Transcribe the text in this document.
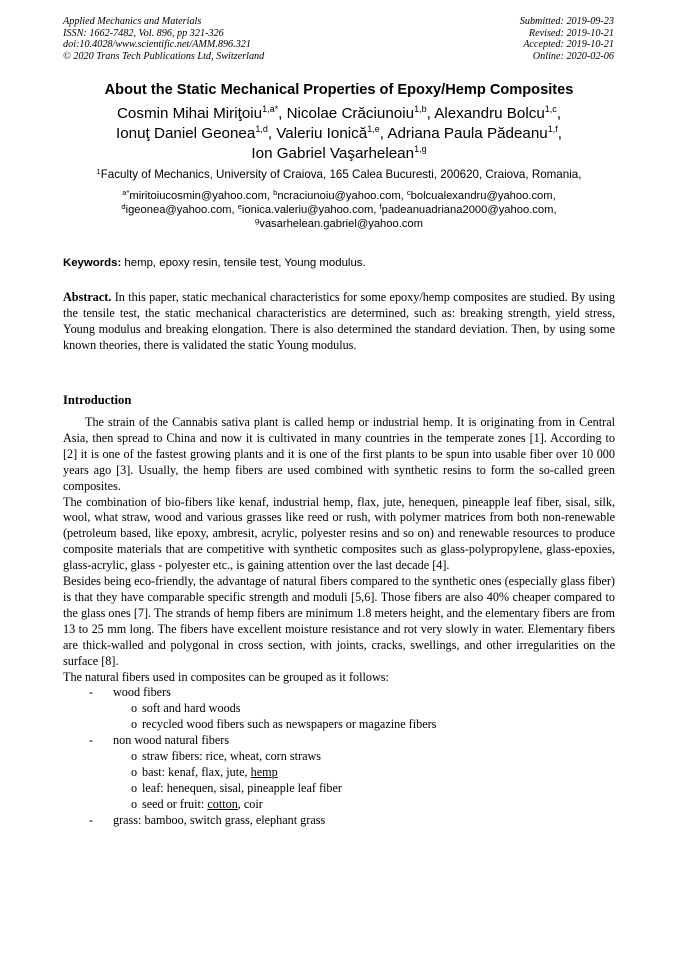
Applied Mechanics and Materials
ISSN: 1662-7482, Vol. 896, pp 321-326
doi:10.4028/www.scientific.net/AMM.896.321
© 2020 Trans Tech Publications Ltd, Switzerland
Submitted: 2019-09-23
Revised: 2019-10-21
Accepted: 2019-10-21
Online: 2020-02-06
About the Static Mechanical Properties of Epoxy/Hemp Composites
Cosmin Mihai Miriţoiu$^{1,a*}$, Nicolae Crăciunoiu$^{1,b}$, Alexandru Bolcu$^{1,c}$,
Ionuţ Daniel Geonea$^{1,d}$, Valeriu Ionică$^{1,e}$, Adriana Paula Pădeanu$^{1,f}$,
Ion Gabriel Vaşarhelean$^{1,g}$
$^1$Faculty of Mechanics, University of Craiova, 165 Calea Bucuresti, 200620, Craiova, Romania,
$^{a*}$miritoiucosmin@yahoo.com, $^b$ncraciunoiu@yahoo.com, $^c$bolcualexandru@yahoo.com,
$^d$igeonea@yahoo.com, $^e$ionica.valeriu@yahoo.com, $^f$padeanuadriana2000@yahoo.com,
$^g$vasarhelean.gabriel@yahoo.com
Keywords: hemp, epoxy resin, tensile test, Young modulus.
Abstract. In this paper, static mechanical characteristics for some epoxy/hemp composites are studied. By using the tensile test, the static mechanical characteristics are determined, such as: breaking strength, yield stress, Young modulus and breaking elongation. There is also determined the standard deviation. Then, by using some known theories, there is validated the static Young modulus.
Introduction

The strain of the Cannabis sativa plant is called hemp or industrial hemp. It is originating from in Central Asia, then spread to China and now it is cultivated in many countries in the temperate zones [1]. According to [2] it is one of the fastest growing plants and it is one of the first plants to be spun into usable fiber over 10 000 years ago [3]. Usually, the hemp fibers are used combined with synthetic resins to form the so-called green composites.

The combination of bio-fibers like kenaf, industrial hemp, flax, jute, henequen, pineapple leaf fiber, sisal, silk, wool, what straw, wood and various grasses like reed or rush, with polymer matrices from both non-renewable (petroleum based, like epoxy, ambresit, acrylic, polyester resins and so on) and renewable resources to produce composite materials that are competitive with synthetic composites such as glass-polypropylene, glass-epoxies, glass-acrylic, glass - polyester etc., is gaining attention over the last decade [4].

Besides being eco-friendly, the advantage of natural fibers compared to the synthetic ones (especially glass fiber) is that they have comparable specific strength and moduli [5,6]. Those fibers are also 40% cheaper compared to the glass ones [7]. The strands of hemp fibers are minimum 1.8 meters height, and the elementary fibers are from 13 to 25 mm long. The fibers have excellent moisture resistance and rot very slowly in water. Elementary fibers are thick-walled and polygonal in cross section, with joints, cracks, swellings, and other irregularities on the surface [8].

The natural fibers used in composites can be grouped as it follows:

- wood fibers
o soft and hard woods
o recycled wood fibers such as newspapers or magazine fibers
- non wood natural fibers
o straw fibers: rice, wheat, corn straws
o bast: kenaf, flax, jute, hemp
o leaf: henequen, sisal, pineapple leaf fiber
o seed or fruit: cotton, coir
- grass: bamboo, switch grass, elephant grass
